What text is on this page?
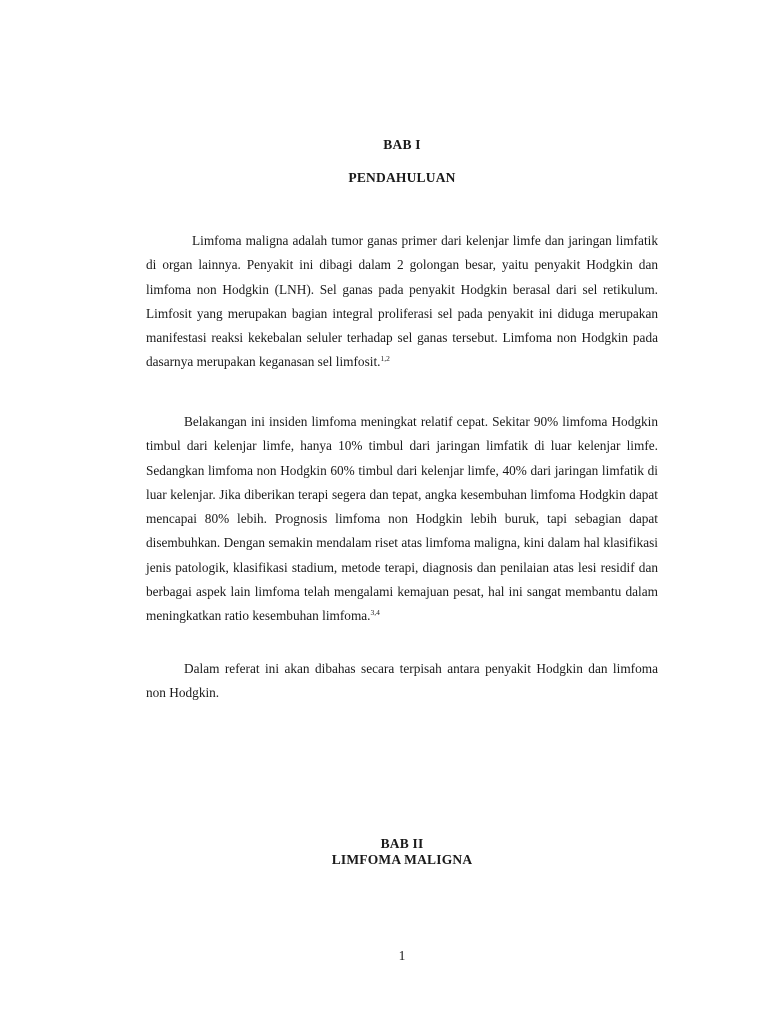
BAB I
PENDAHULUAN

Limfoma maligna adalah tumor ganas primer dari kelenjar limfe dan jaringan limfatik di organ lainnya. Penyakit ini dibagi dalam 2 golongan besar, yaitu penyakit Hodgkin dan limfoma non Hodgkin (LNH). Sel ganas pada penyakit Hodgkin berasal dari sel retikulum. Limfosit yang merupakan bagian integral proliferasi sel pada penyakit ini diduga merupakan manifestasi reaksi kekebalan seluler terhadap sel ganas tersebut. Limfoma non Hodgkin pada dasarnya merupakan keganasan sel limfosit.$^{1,2}$

Belakangan ini insiden limfoma meningkat relatif cepat. Sekitar 90% limfoma Hodgkin timbul dari kelenjar limfe, hanya 10% timbul dari jaringan limfatik di luar kelenjar limfe. Sedangkan limfoma non Hodgkin 60% timbul dari kelenjar limfe, 40% dari jaringan limfatik di luar kelenjar. Jika diberikan terapi segera dan tepat, angka kesembuhan limfoma Hodgkin dapat mencapai 80% lebih. Prognosis limfoma non Hodgkin lebih buruk, tapi sebagian dapat disembuhkan. Dengan semakin mendalam riset atas limfoma maligna, kini dalam hal klasifikasi jenis patologik, klasifikasi stadium, metode terapi, diagnosis dan penilaian atas lesi residif dan berbagai aspek lain limfoma telah mengalami kemajuan pesat, hal ini sangat membantu dalam meningkatkan ratio kesembuhan limfoma.$^{3,4}$

Dalam referat ini akan dibahas secara terpisah antara penyakit Hodgkin dan limfoma non Hodgkin.

BAB II
LIMFOMA MALIGNA
1
